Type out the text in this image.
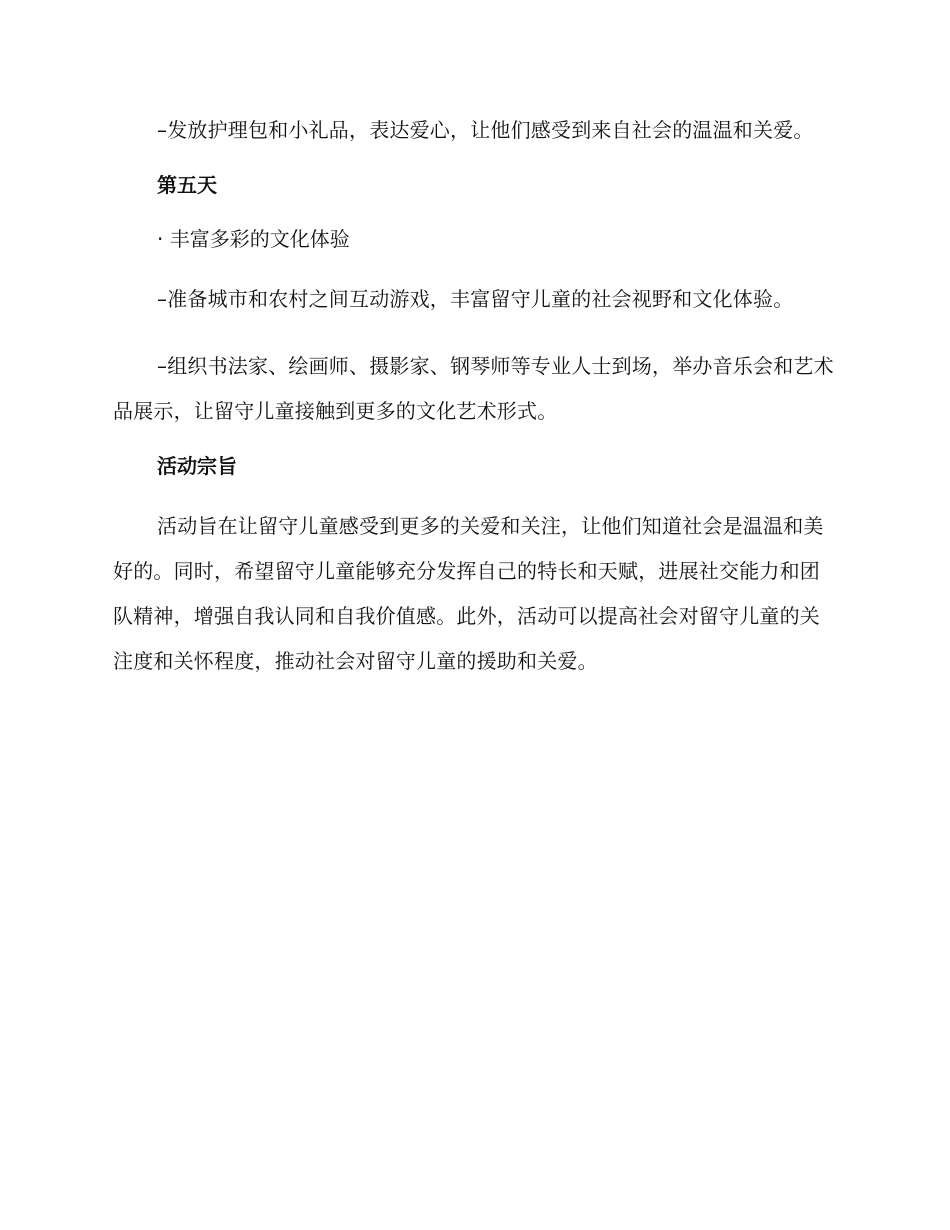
–发放护理包和小礼品，表达爱心，让他们感受到来自社会的温温和关爱。

第五天
· 丰富多彩的文化体验

–准备城市和农村之间互动游戏，丰富留守儿童的社会视野和文化体验。

–组织书法家、绘画师、摄影家、钢琴师等专业人士到场，举办音乐会和艺术品展示，让留守儿童接触到更多的文化艺术形式。

活动宗旨

活动旨在让留守儿童感受到更多的关爱和关注，让他们知道社会是温温和美好的。同时，希望留守儿童能够充分发挥自己的特长和天赋，进展社交能力和团队精神，增强自我认同和自我价值感。此外，活动可以提高社会对留守儿童的关注度和关怀程度，推动社会对留守儿童的援助和关爱。
